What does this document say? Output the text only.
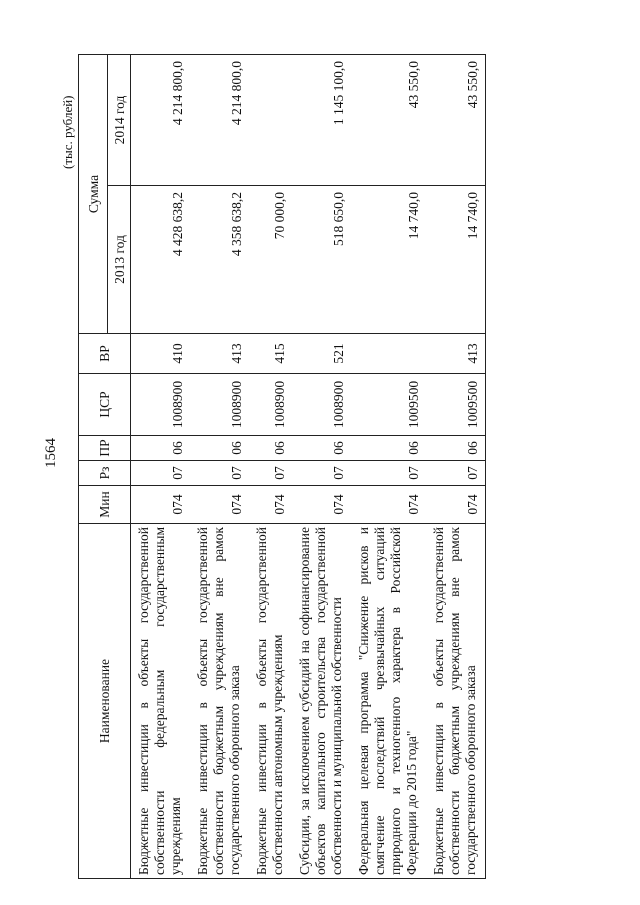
1564
(тыс. рублей)
Наименование	Мин	Рз	ПР	ЦСР	ВР	Сумма	
						2013 год	2014 год
Бюджетные инвестиции в объекты государственной собственности федеральным государственным учреждениям	074	07	06	1008900	410	4 428 638,2	4 214 800,0
Бюджетные инвестиции в объекты государственной собственности бюджетным учреждениям вне рамок государственного оборонного заказа	074	07	06	1008900	413	4 358 638,2	4 214 800,0
Бюджетные инвестиции в объекты государственной собственности автономным учреждениям	074	07	06	1008900	415	70 000,0	
Субсидии, за исключением субсидий на софинансирование объектов капитального строительства государственной собственности и муниципальной собственности	074	07	06	1008900	521	518 650,0	1 145 100,0
Федеральная целевая программа "Снижение рисков и смягчение последствий чрезвычайных ситуаций природного и техногенного характера в Российской Федерации до 2015 года"	074	07	06	1009500		14 740,0	43 550,0
Бюджетные инвестиции в объекты государственной собственности бюджетным учреждениям вне рамок государственного оборонного заказа	074	07	06	1009500	413	14 740,0	43 550,0
